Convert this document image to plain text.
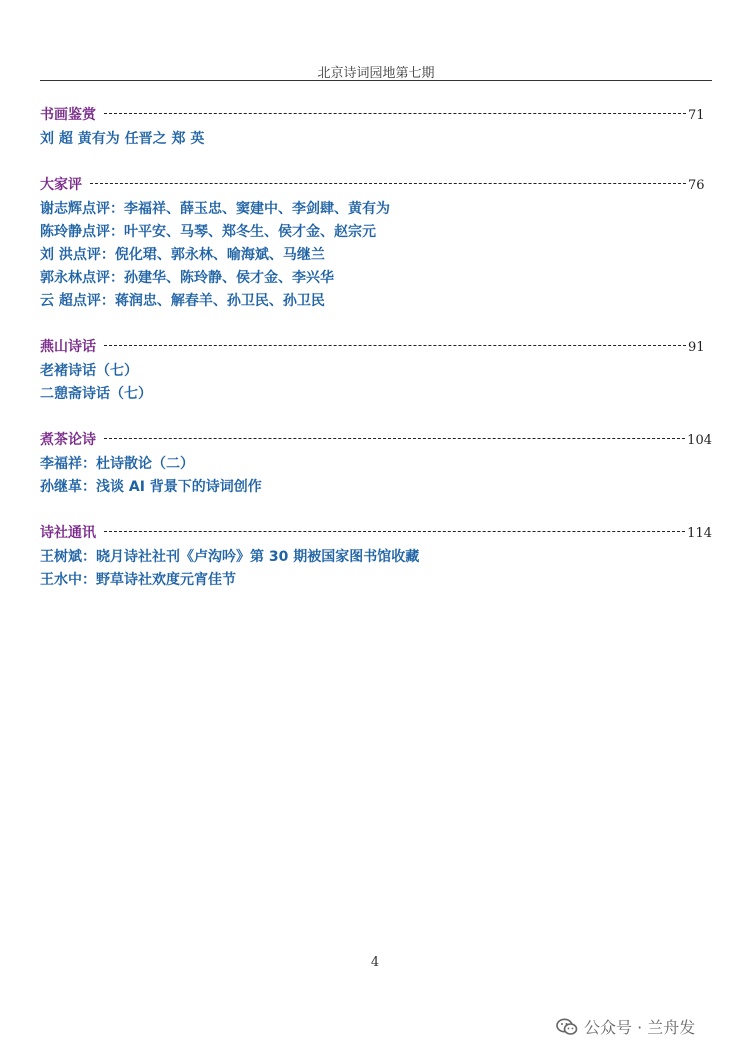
北京诗词园地第七期
书画鉴赏	71
刘 超 黄有为 任晋之 郑 英
大家评	76
谢志辉点评：李福祥、薛玉忠、窦建中、李剑肆、黄有为
陈玲静点评：叶平安、马琴、郑冬生、侯才金、赵宗元
刘 洪点评：倪化珺、郭永林、喻海斌、马继兰
郭永林点评：孙建华、陈玲静、侯才金、李兴华
云 超点评：蒋润忠、解春羊、孙卫民、孙卫民
燕山诗话	91
老褚诗话（七）
二憩斋诗话（七）
煮茶论诗	104
李福祥：杜诗散论（二）
孙继革：浅谈 AI 背景下的诗词创作
诗社通讯	114
王树斌：晓月诗社社刊《卢沟吟》第 30 期被国家图书馆收藏
王水中：野草诗社欢度元宵佳节
4
公众号 · 兰舟发
